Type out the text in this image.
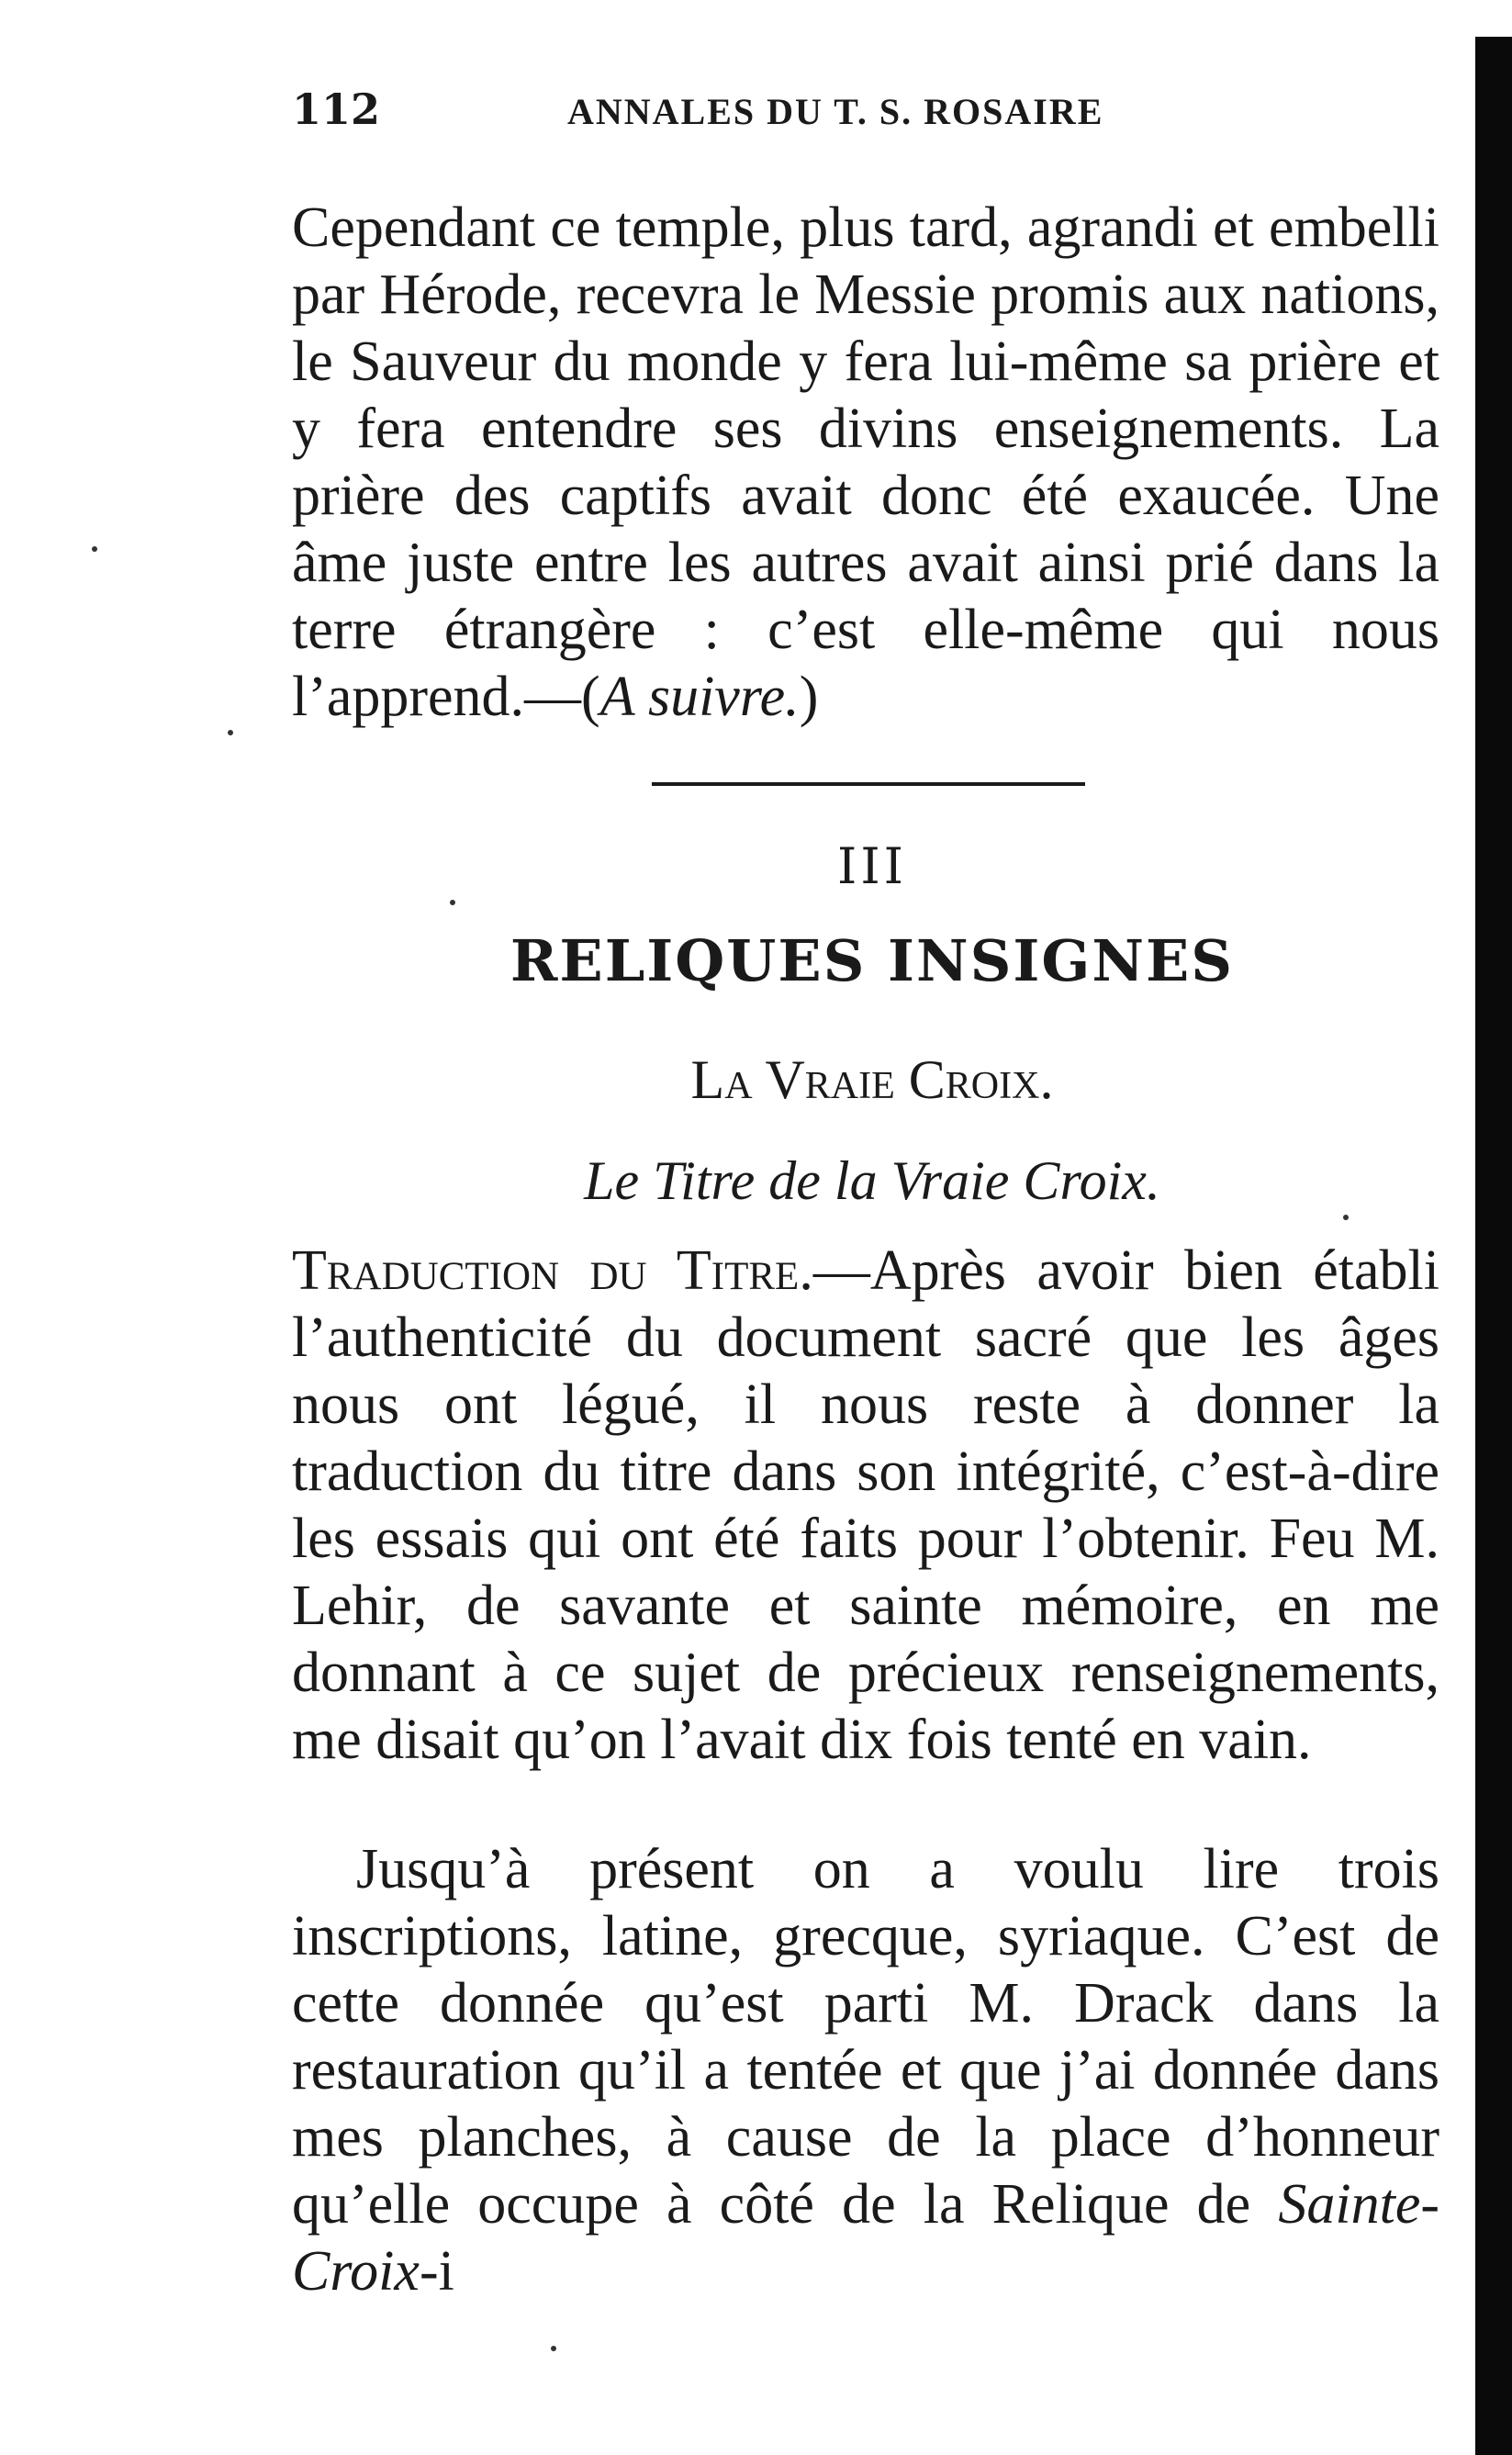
112	ANNALES DU T. S. ROSAIRE
Cependant ce temple, plus tard, agrandi et embelli par Hérode, recevra le Messie promis aux nations, le Sauveur du monde y fera lui-même sa prière et y fera entendre ses divins enseignements. La prière des captifs avait donc été exaucée. Une âme juste entre les autres avait ainsi prié dans la terre étrangère : c’est elle-même qui nous l’apprend.—(A suivre.)
III
RELIQUES INSIGNES
La Vraie Croix.
Le Titre de la Vraie Croix.
Traduction du Titre.—Après avoir bien établi l’authenticité du document sacré que les âges nous ont légué, il nous reste à donner la traduction du titre dans son intégrité, c’est-à-dire les essais qui ont été faits pour l’obtenir. Feu M. Lehir, de savante et sainte mémoire, en me donnant à ce sujet de précieux renseignements, me disait qu’on l’avait dix fois tenté en vain.
Jusqu’à présent on a voulu lire trois inscriptions, latine, grecque, syriaque. C’est de cette donnée qu’est parti M. Drack dans la restauration qu’il a tentée et que j’ai donnée dans mes planches, à cause de la place d’honneur qu’elle occupe à côté de la Relique de Sainte-Croix-i
